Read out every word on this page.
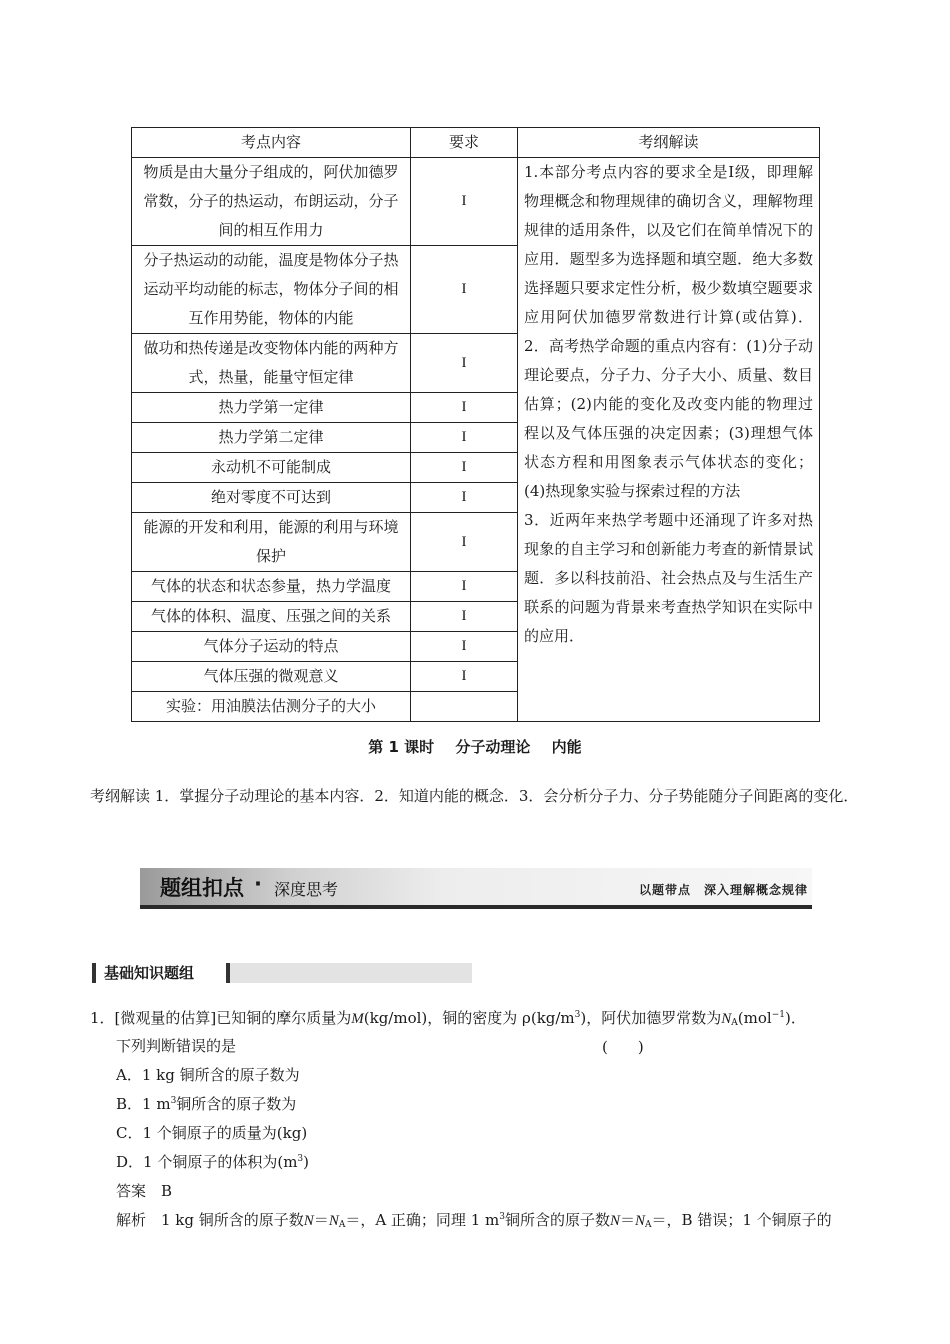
考点内容	要求	考纲解读
物质是由大量分子组成的，阿伏加德罗常数，分子的热运动，布朗运动，分子间的相互作用力	I	1.本部分考点内容的要求全是Ⅰ级，即理解物理概念和物理规律的确切含义，理解物理规律的适用条件，以及它们在简单情况下的应用．题型多为选择题和填空题．绝大多数选择题只要求定性分析，极少数填空题要求应用阿伏加德罗常数进行计算(或估算)． 2．高考热学命题的重点内容有：(1)分子动理论要点，分子力、分子大小、质量、数目估算；(2)内能的变化及改变内能的物理过程以及气体压强的决定因素；(3)理想气体状态方程和用图象表示气体状态的变化；(4)热现象实验与探索过程的方法

3．近两年来热学考题中还涌现了许多对热现象的自主学习和创新能力考查的新情景试题．多以科技前沿、社会热点及与生活生产联系的问题为背景来考查热学知识在实际中的应用．

分子热运动的动能，温度是物体分子热运动平均动能的标志，物体分子间的相互作用势能，物体的内能	I	
做功和热传递是改变物体内能的两种方式，热量，能量守恒定律	I	
热力学第一定律	I	
热力学第二定律	I	
永动机不可能制成	I	
绝对零度不可达到	I	
能源的开发和利用，能源的利用与环境保护	I	
气体的状态和状态参量，热力学温度	I	
气体的体积、温度、压强之间的关系	I	
气体分子运动的特点	I	
气体压强的微观意义	I	
实验：用油膜法估测分子的大小		
第 1 课时 分子动理论 内能
考纲解读 1．掌握分子动理论的基本内容．2．知道内能的概念．3．会分析分子力、分子势能随分子间距离的变化．
题组扣点 · 深度思考	以题带点　深入理解概念规律
基础知识题组
1．[微观量的估算]已知铜的摩尔质量为M(kg/mol)，铜的密度为 $\rho(kg/m^3)$，阿伏加德罗常数为$N_A(mol^{-1})$．
下列判断错误的是	(　　)
A．1 kg 铜所含的原子数为
B．1 $m^3$铜所含的原子数为
C．1 个铜原子的质量为(kg)
D．1 个铜原子的体积为$(m^3)$
答案　B
解析　1 kg 铜所含的原子数$N=N_A=$，A 正确；同理 1 $m^3$铜所含的原子数$N=N_A=$，B 错误；1 个铜原子的
